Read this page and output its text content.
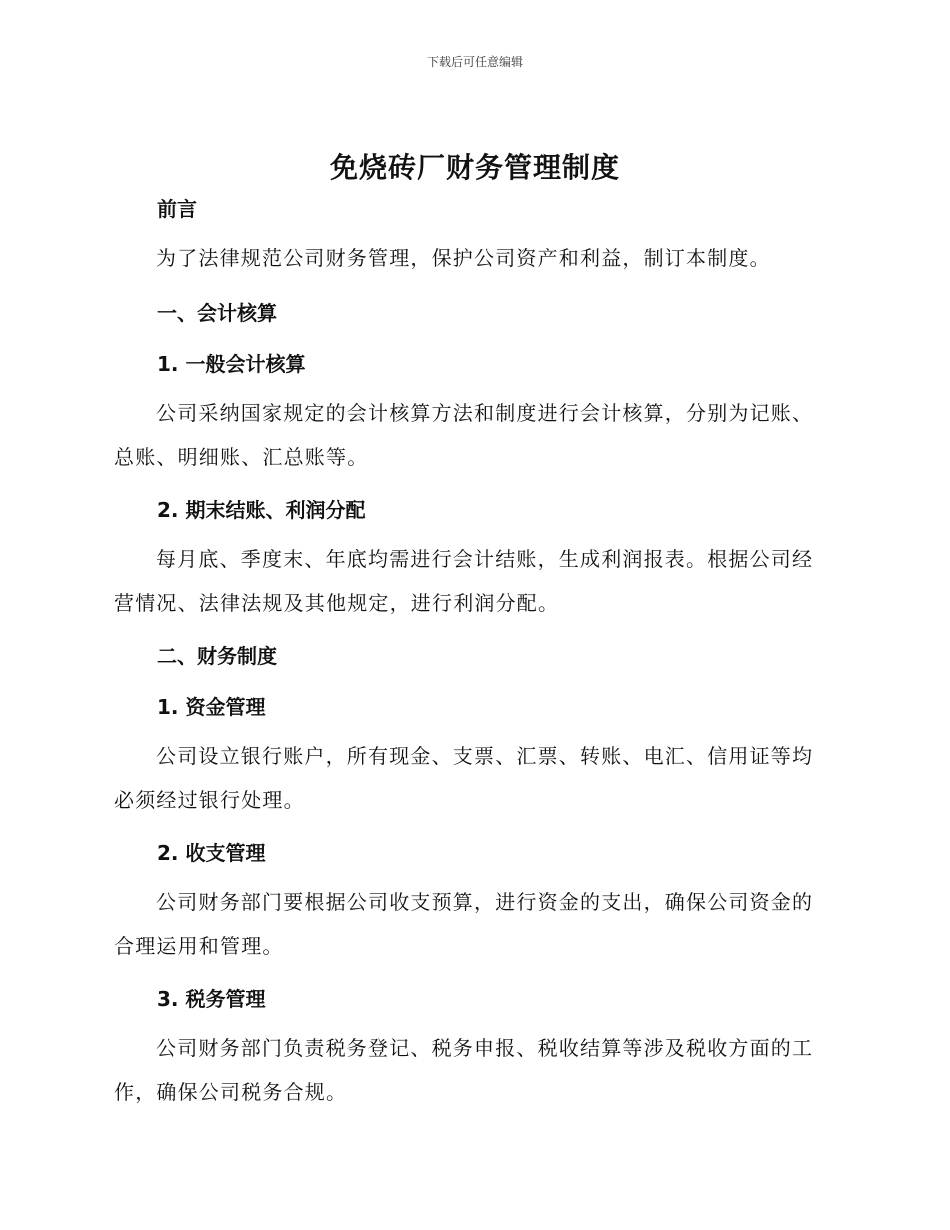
下载后可任意编辑
免烧砖厂财务管理制度
前言

为了法律规范公司财务管理，保护公司资产和利益，制订本制度。

一、会计核算
1. 一般会计核算

公司采纳国家规定的会计核算方法和制度进行会计核算，分别为记账、总账、明细账、汇总账等。

2. 期末结账、利润分配

每月底、季度末、年底均需进行会计结账，生成利润报表。根据公司经营情况、法律法规及其他规定，进行利润分配。

二、财务制度
1. 资金管理

公司设立银行账户，所有现金、支票、汇票、转账、电汇、信用证等均必须经过银行处理。

2. 收支管理

公司财务部门要根据公司收支预算，进行资金的支出，确保公司资金的合理运用和管理。

3. 税务管理

公司财务部门负责税务登记、税务申报、税收结算等涉及税收方面的工作，确保公司税务合规。
